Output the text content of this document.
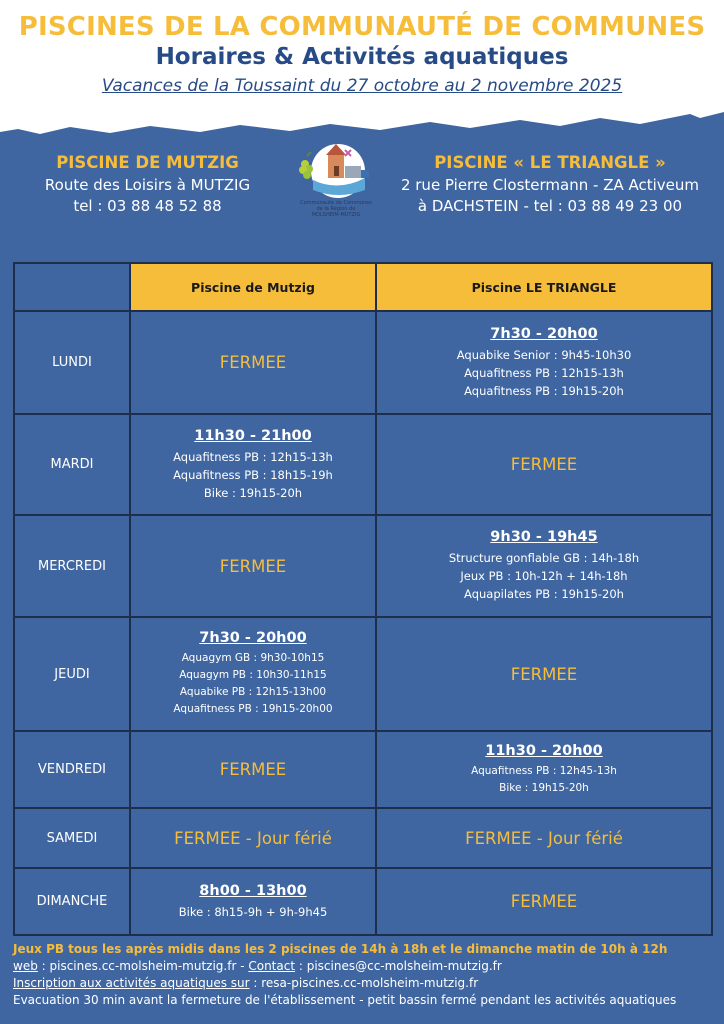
PISCINES DE LA COMMUNAUTÉ DE COMMUNES
Horaires & Activités aquatiques
Vacances de la Toussaint du 27 octobre au 2 novembre 2025
PISCINE DE MUTZIG
Route des Loisirs à MUTZIG
tel : 03 88 48 52 88	Communauté de Communes
de la Région de
MOLSHEIM-MUTZIG
PISCINE « LE TRIANGLE »
2 rue Pierre Clostermann - ZA Activeum
à DACHSTEIN - tel : 03 88 49 23 00
	Piscine de Mutzig	Piscine LE TRIANGLE
LUNDI	FERMEE	7h30 - 20h00
Aquabike Senior : 9h45-10h30
Aquafitness PB : 12h15-13h
Aquafitness PB : 19h15-20h

MARDI	11h30 - 21h00
Aquafitness PB : 12h15-13h
Aquafitness PB : 18h15-19h
Bike : 19h15-20h	FERMEE

MERCREDI	FERMEE	9h30 - 19h45
Structure gonflable GB : 14h-18h
Jeux PB : 10h-12h + 14h-18h
Aquapilates PB : 19h15-20h

JEUDI	7h30 - 20h00
Aquagym GB : 9h30-10h15
Aquagym PB : 10h30-11h15
Aquabike PB : 12h15-13h00
Aquafitness PB : 19h15-20h00	FERMEE

VENDREDI	FERMEE	11h30 - 20h00
Aquafitness PB : 12h45-13h
Bike : 19h15-20h

SAMEDI	FERMEE - Jour férié	FERMEE - Jour férié

DIMANCHE	8h00 - 13h00
Bike : 8h15-9h + 9h-9h45	FERMEE
Jeux PB tous les après midis dans les 2 piscines de 14h à 18h et le dimanche matin de 10h à 12h
web : piscines.cc-molsheim-mutzig.fr - Contact : piscines@cc-molsheim-mutzig.fr
Inscription aux activités aquatiques sur : resa-piscines.cc-molsheim-mutzig.fr
Evacuation 30 min avant la fermeture de l'établissement - petit bassin fermé pendant les activités aquatiques
